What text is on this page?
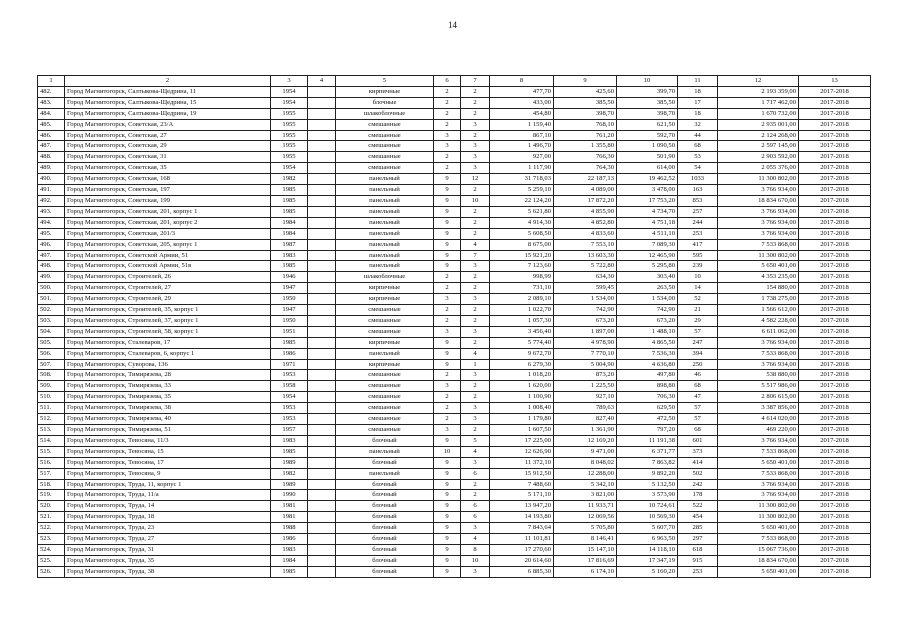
14
1	2	3	4	5	6	7	8	9	10	11	12	13
482.	Город Магнитогорск, Салтыкова-Щедрина, 11	1954		кирпичные	2	2	477,70	425,60	399,70	18	2 193 359,00	2017-2018
483.	Город Магнитогорск, Салтыкова-Щедрина, 15	1954		блочные	2	2	433,00	385,50	385,50	17	1 717 462,00	2017-2018
484.	Город Магнитогорск, Салтыкова-Щедрина, 19	1955		шлакоблочные	2	2	454,80	398,70	398,70	18	1 670 732,00	2017-2018
485.	Город Магнитогорск, Советская, 23/А	1955		смешанные	2	3	1 159,40	768,10	621,50	32	2 935 001,00	2017-2018
486.	Город Магнитогорск, Советская, 27	1955		смешанные	3	2	867,10	761,20	592,70	44	2 124 268,00	2017-2018
487.	Город Магнитогорск, Советская, 29	1955		смешанные	3	3	1 496,70	1 355,80	1 090,50	68	2 597 145,00	2017-2018
488.	Город Магнитогорск, Советская, 31	1955		смешанные	2	3	927,00	766,30	501,90	53	2 903 592,00	2017-2018
489.	Город Магнитогорск, Советская, 35	1954		смешанные	2	3	1 117,90	764,30	614,00	54	2 055 376,00	2017-2018
490.	Город Магнитогорск, Советская, 168	1982		панельный	9	12	31 718,03	22 187,13	19 462,52	1033	11 300 802,00	2017-2018
491.	Город Магнитогорск, Советская, 197	1985		панельный	9	2	5 259,10	4 089,00	3 478,00	163	3 766 934,00	2017-2018
492.	Город Магнитогорск, Советская, 199	1985		панельный	9	10	22 124,20	17 872,20	17 753,20	853	18 834 670,00	2017-2018
493.	Город Магнитогорск, Советская, 201, корпус 1	1985		панельный	9	2	5 621,80	4 855,90	4 734,70	257	3 766 934,00	2017-2018
494.	Город Магнитогорск, Советская, 201, корпус 2	1984		панельный	9	2	4 914,30	4 852,80	4 751,18	244	3 766 934,00	2017-2018
495.	Город Магнитогорск, Советская, 201/3	1984		панельный	9	2	5 608,50	4 833,60	4 511,10	253	3 766 934,00	2017-2018
496.	Город Магнитогорск, Советская, 205, корпус 1	1987		панельный	9	4	8 675,00	7 553,10	7 089,30	417	7 533 868,00	2017-2018
497.	Город Магнитогорск, Советской Армии, 51	1983		панельный	9	7	15 921,20	13 603,30	12 465,90	595	11 300 802,00	2017-2018
498.	Город Магнитогорск, Советской Армии, 51в	1985		панельный	9	3	7 123,60	5 722,80	5 295,80	239	5 650 401,00	2017-2018
499.	Город Магнитогорск, Строителей, 26	1946		шлакоблочные	2	2	998,99	634,30	303,40	10	4 353 235,00	2017-2018
500.	Город Магнитогорск, Строителей, 27	1947		кирпичные	2	2	731,10	599,45	263,50	14	154 880,00	2017-2018
501.	Город Магнитогорск, Строителей, 29	1950		кирпичные	3	3	2 089,10	1 534,00	1 534,00	52	1 738 275,00	2017-2018
502.	Город Магнитогорск, Строителей, 35, корпус 1	1947		смешанные	2	2	1 022,70	742,90	742,90	21	1 566 612,00	2017-2018
503.	Город Магнитогорск, Строителей, 37, корпус 1	1950		смешанные	2	2	1 057,30	673,20	673,20	29	4 582 228,00	2017-2018
504.	Город Магнитогорск, Строителей, 58, корпус 1	1951		смешанные	3	3	3 456,40	1 897,00	1 488,10	57	6 611 062,00	2017-2018
505.	Город Магнитогорск, Сталеваров, 17	1985		кирпичные	9	2	5 774,40	4 978,90	4 865,50	247	3 766 934,00	2017-2018
506.	Город Магнитогорск, Сталеваров, 6, корпус 1	1986		панельный	9	4	9 672,70	7 770,10	7 536,30	394	7 533 868,00	2017-2018
507.	Город Магнитогорск, Суворова, 136	1971		кирпичные	9	1	6 279,30	5 004,90	4 636,80	250	3 766 934,00	2017-2018
508.	Город Магнитогорск, Тимирязева, 28	1953		смешанные	2	3	1 018,20	873,20	497,80	46	538 880,00	2017-2018
509.	Город Магнитогорск, Тимирязева, 33	1958		смешанные	3	2	1 620,00	1 225,50	898,80	68	5 517 986,00	2017-2018
510.	Город Магнитогорск, Тимирязева, 35	1954		смешанные	2	2	1 100,90	927,10	706,30	47	2 806 615,00	2017-2018
511.	Город Магнитогорск, Тимирязева, 38	1953		смешанные	2	3	1 008,40	789,63	629,50	57	3 387 856,00	2017-2018
512.	Город Магнитогорск, Тимирязева, 40	1953		смешанные	2	3	1 179,80	827,40	472,50	57	4 614 020,00	2017-2018
513.	Город Магнитогорск, Тимирязева, 51	1957		смешанные	3	2	1 607,50	1 361,90	797,20	68	469 220,00	2017-2018
514.	Город Магнитогорск, Тевосяна, 11/3	1983		блочный	9	5	17 225,00	12 169,20	11 191,38	601	3 766 934,00	2017-2018
515.	Город Магнитогорск, Тевосяна, 15	1985		панельный	10	4	12 626,90	9 471,00	6 371,77	373	7 533 868,00	2017-2018
516.	Город Магнитогорск, Тевосяна, 17	1989		блочный	9	3	11 372,10	8 048,02	7 863,82	414	5 650 401,00	2017-2018
517.	Город Магнитогорск, Тевосяна, 9	1982		панельный	9	6	15 912,50	12 288,00	9 892,20	502	7 533 868,00	2017-2018
518.	Город Магнитогорск, Труда, 11, корпус 1	1989		блочный	9	2	7 488,60	5 342,10	5 132,50	242	3 766 934,00	2017-2018
519.	Город Магнитогорск, Труда, 11/а	1990		блочный	9	2	5 171,10	3 821,00	3 573,90	178	3 766 934,00	2017-2018
520.	Город Магнитогорск, Труда, 14	1981		блочный	9	6	13 947,20	11 933,71	10 724,61	522	11 300 802,00	2017-2018
521.	Город Магнитогорск, Труда, 18	1981		блочный	9	6	14 193,80	12 069,56	10 569,30	454	11 300 802,00	2017-2018
522.	Город Магнитогорск, Труда, 23	1988		блочный	9	3	7 843,64	5 705,80	5 607,70	285	5 650 401,00	2017-2018
523.	Город Магнитогорск, Труда, 27	1986		блочный	9	4	11 101,81	8 146,41	6 963,50	297	7 533 868,00	2017-2018
524.	Город Магнитогорск, Труда, 31	1983		блочный	9	8	17 270,60	15 147,10	14 118,10	618	15 067 736,00	2017-2018
525.	Город Магнитогорск, Труда, 35	1984		блочный	9	10	20 614,60	17 816,69	17 347,19	915	18 834 670,00	2017-2018
526.	Город Магнитогорск, Труда, 38	1985		блочный	9	3	6 885,30	6 174,10	5 160,20	253	5 650 401,00	2017-2018
